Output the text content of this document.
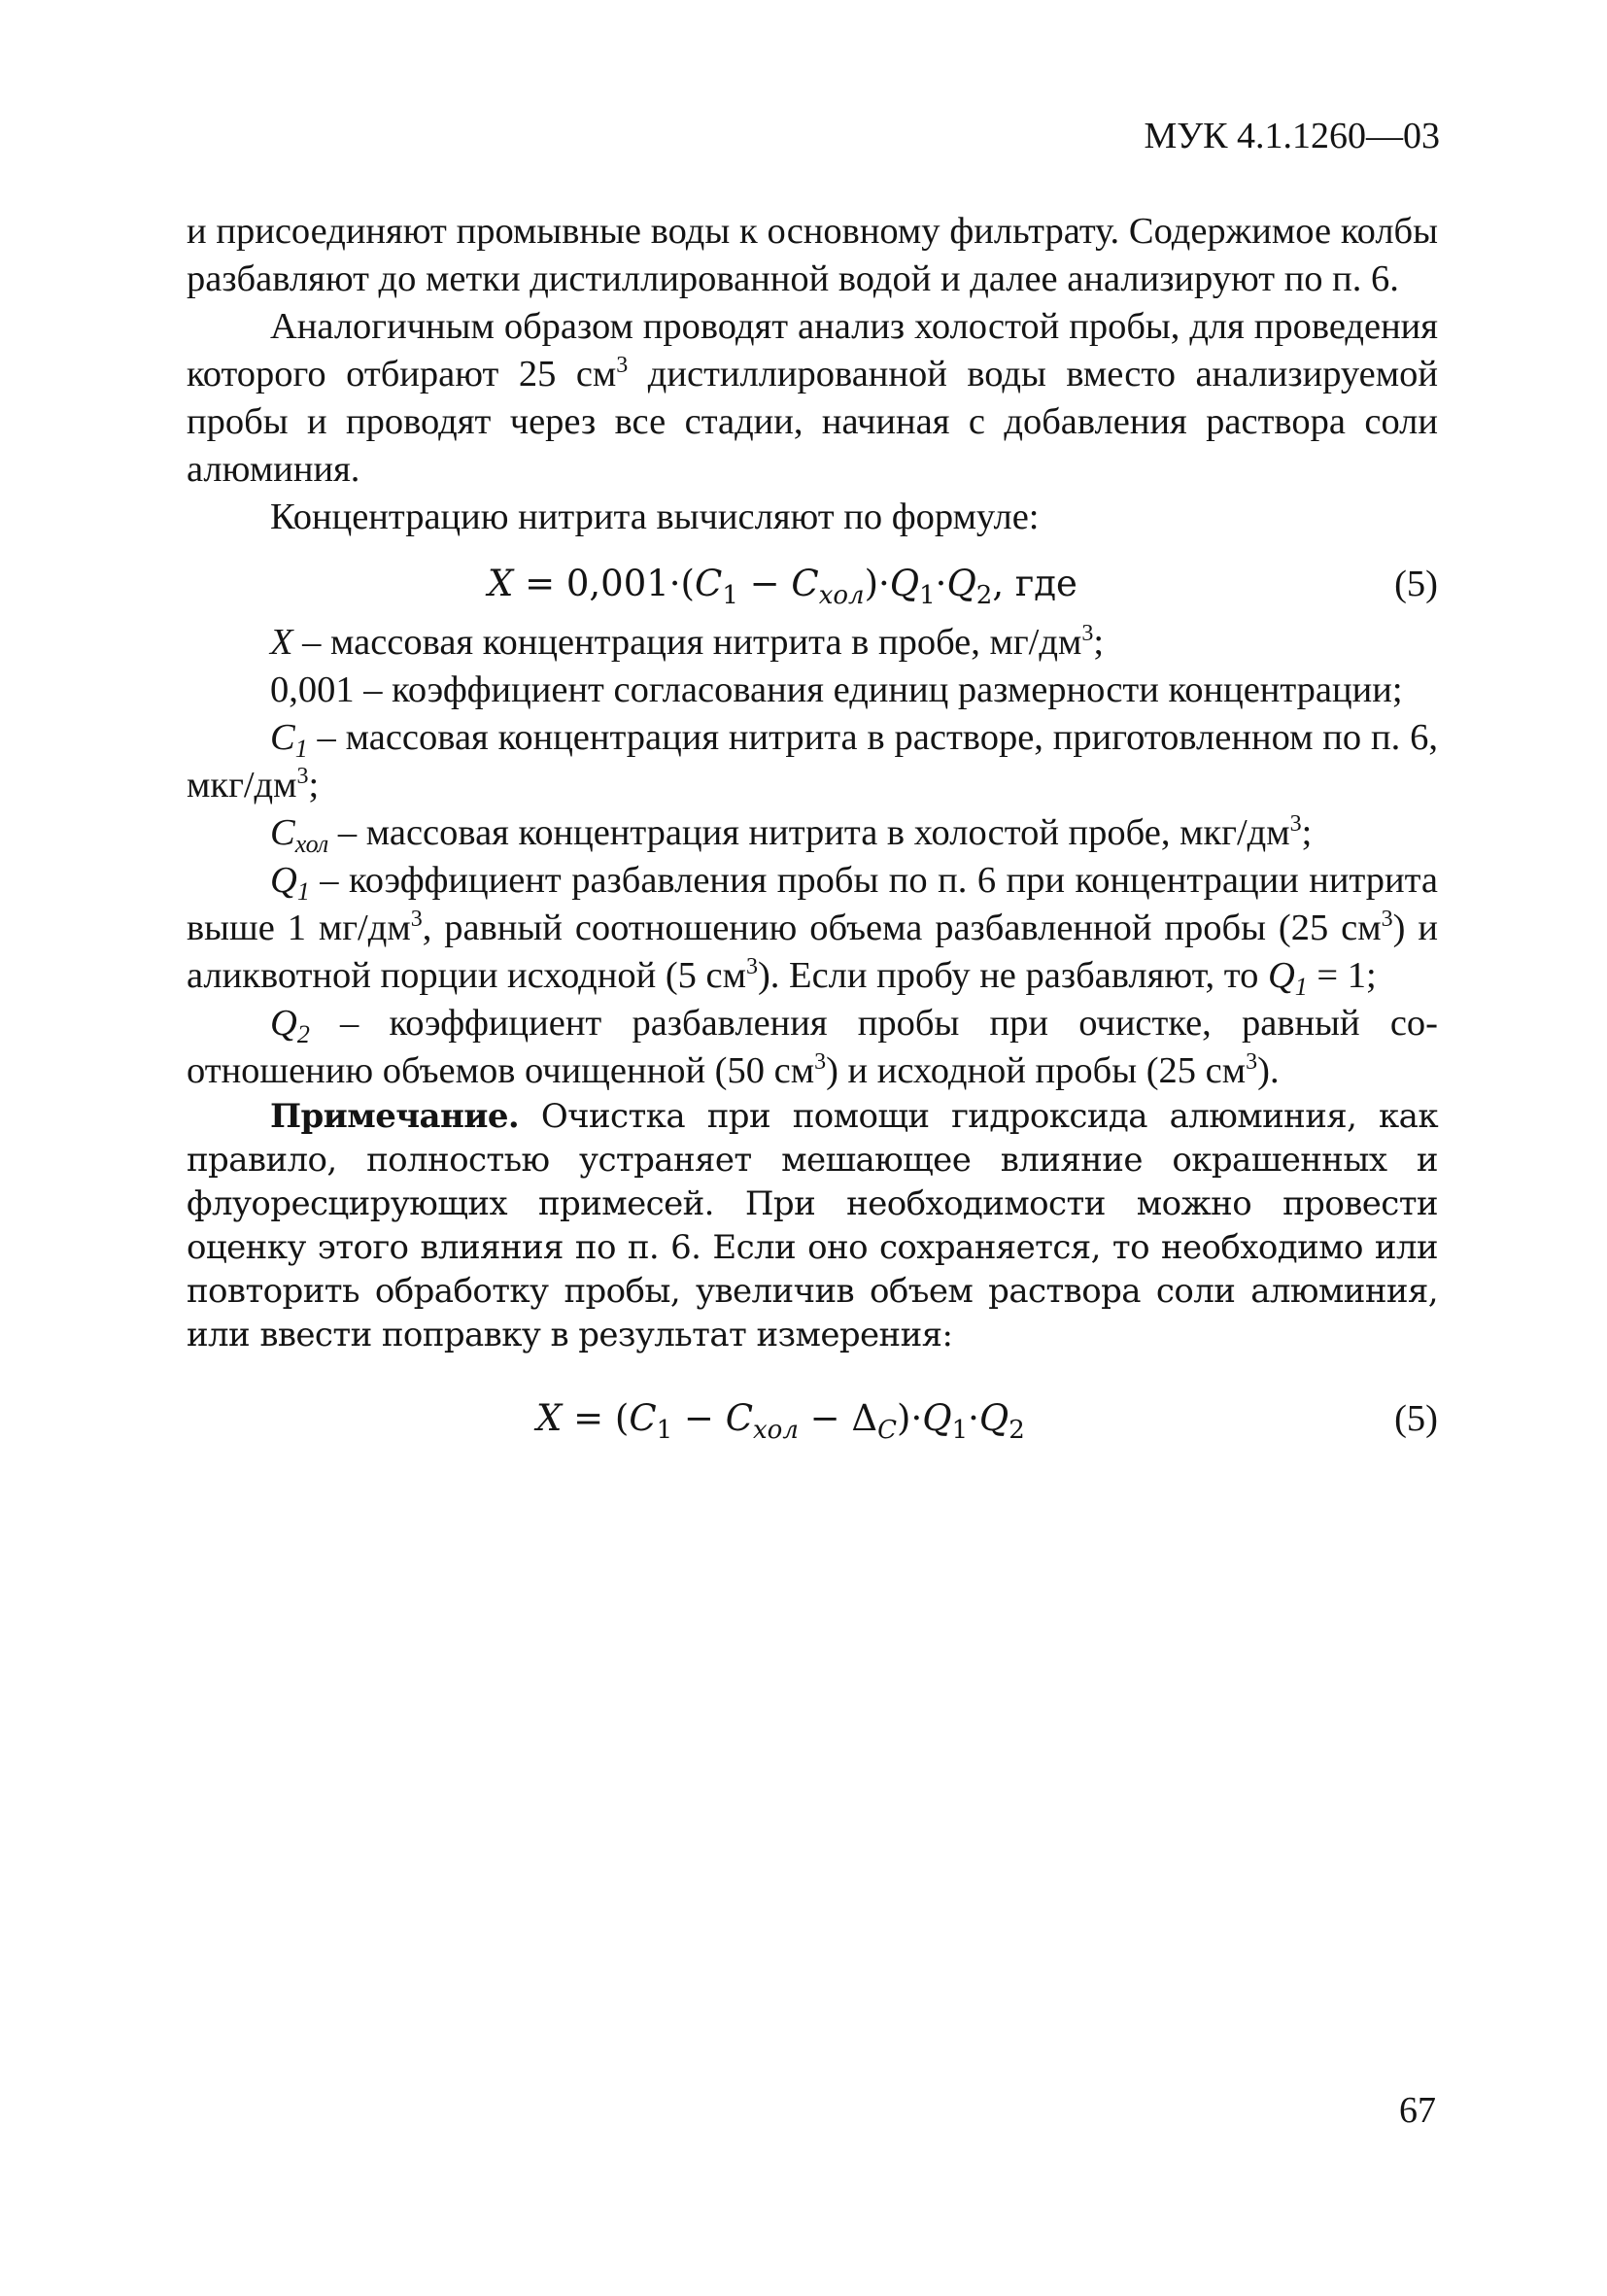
МУК 4.1.1260—03

и присоединяют промывные воды к основному фильтрату. Содержимое колбы разбавляют до метки дистиллированной водой и далее анализируют по п. 6.

Аналогичным образом проводят анализ холостой пробы, для проведения которого отбирают 25 $см^3$ дистиллированной воды вместо анализируемой пробы и проводят через все стадии, начиная с добавления раствора соли алюминия.

Концентрацию нитрита вычисляют по формуле:

$X = 0,001\cdot(C_1 - C_{хол})\cdot Q_1\cdot Q_2$, где	(5)

X – массовая концентрация нитрита в пробе, $мг/дм^3$;

0,001 – коэффициент согласования единиц размерности концентрации;

$C_1$ – массовая концентрация нитрита в растворе, приготовленном по п. 6, мкг/$дм^3$;

$C_{хол}$ – массовая концентрация нитрита в холостой пробе, мкг/$дм^3$;

$Q_1$ – коэффициент разбавления пробы по п. 6 при концентрации нитрита выше 1 $мг/дм^3$, равный соотношению объема разбавленной пробы (25 $см^3$) и аликвотной порции исходной (5 $см^3$). Если пробу не разбавляют, то $Q_1 = 1$;

$Q_2$ – коэффициент разбавления пробы при очистке, равный соотношению объемов очищенной (50 $см^3$) и исходной пробы (25 $см^3$).

Примечание. Очистка при помощи гидроксида алюминия, как правило, полностью устраняет мешающее влияние окрашенных и флуоресцирующих примесей. При необходимости можно провести оценку этого влияния по п. 6. Если оно сохраняется, то необходимо или повторить обработку пробы, увеличив объем раствора соли алюминия, или ввести поправку в результат измерения:

$X = (C_1 - C_{хол} - \Delta_C)\cdot Q_1\cdot Q_2$	(5)
67
